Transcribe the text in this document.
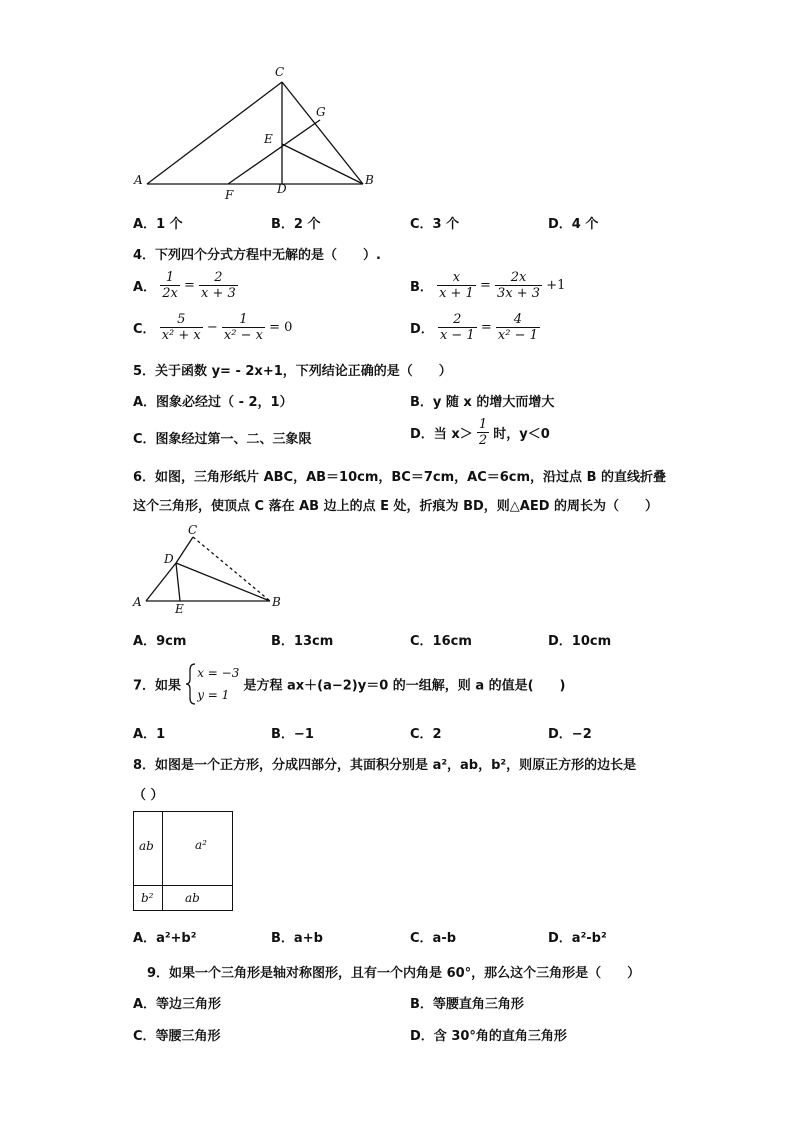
C
G
E
A	B
D
F
A．1 个	B．2 个	C．3 个	D．4 个
4．下列四个分式方程中无解的是（　　）.
A． $\frac{1}{2x} = \frac{2}{x + 3}$	B． $\frac{x}{x + 1} = \frac{2x}{3x + 3} +1$
C． $\frac{5}{\text{x² + x}} - \frac{1}{\text{x² − x}} = 0$	D． $\frac{2}{x - 1} = \frac{4}{\text{x² − 1}}$
5．关于函数 y= - 2x+1，下列结论正确的是（　　）
A．图象必经过（ - 2，1）	B．y 随 x 的增大而增大
C．图象经过第一、二、三象限	D．当 $x> \frac{1}{2}$ 时，y＜0
6．如图，三角形纸片 ABC，AB＝10cm，BC＝7cm，AC＝6cm，沿过点 B 的直线折叠
这个三角形，使顶点 C 落在 AB 边上的点 E 处，折痕为 BD，则△AED 的周长为（　　）
C
D
A	B
E
A．9cm	B．13cm	C．16cm	D．10cm
7．如果
x = −3
y = 1
是方程 ax＋(a−2)y＝0 的一组解，则 a 的值是(　　)
A．1	B．−1	C．2	D．−2
8．如图是一个正方形，分成四部分，其面积分别是 a²，ab，b²，则原正方形的边长是
（ ）
ab	a²
b²	ab
A．a²+b²	B．a+b	C．a-b	D．a²-b²
9．如果一个三角形是轴对称图形，且有一个内角是 60°，那么这个三角形是（　　）
A．等边三角形	B．等腰直角三角形
C．等腰三角形	D．含 30°角的直角三角形
